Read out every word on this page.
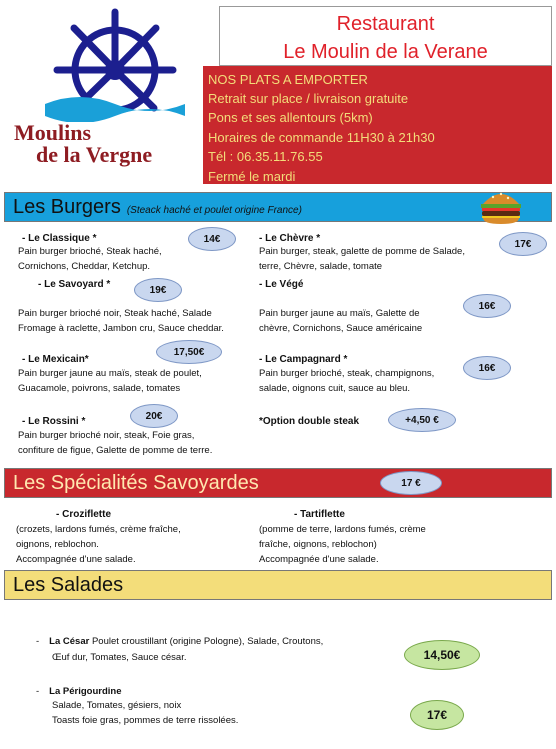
Moulins
de la Vergne
Restaurant
Le Moulin de la Verane
NOS PLATS A EMPORTER
Retrait sur place / livraison gratuite
Pons et ses allentours (5km)
Horaires de commande 11H30 à 21h30
Tél : 06.35.11.76.55
Fermé le mardi
Les Burgers (Steack haché et poulet origine France)
- Le Classique *
Pain burger brioché, Steak haché,
Cornichons, Cheddar, Ketchup.
14€
- Le Savoyard *
Pain burger brioché noir, Steak haché, Salade
Fromage à raclette, Jambon cru, Sauce cheddar.
19€
- Le Mexicain*
Pain burger jaune au maïs, steak de poulet,
Guacamole, poivrons, salade, tomates
17,50€
- Le Rossini *
Pain burger brioché noir, steak, Foie gras,
confiture de figue, Galette de pomme de terre.
20€
- Le Chèvre *
Pain burger, steak, galette de pomme de Salade,
terre, Chèvre, salade, tomate
17€
- Le Végé
Pain burger jaune au maïs, Galette de
chèvre, Cornichons, Sauce américaine
16€
- Le Campagnard *
Pain burger brioché, steak, champignons,
salade, oignons cuit, sauce au bleu.
16€
*Option double steak	+4,50 €
Les Spécialités Savoyardes	17 €
- Croziflette
(crozets, lardons fumés, crème fraîche,
oignons, reblochon.
Accompagnée d'une salade.
- Tartiflette
(pomme de terre, lardons fumés, crème
fraîche, oignons, reblochon)
Accompagnée d'une salade.
Les Salades
- La César Poulet croustillant (origine Pologne), Salade, Croutons,
Œuf dur, Tomates, Sauce césar.	14,50€
- La Périgourdine
Salade, Tomates, gésiers, noix
Toasts foie gras, pommes de terre rissolées.	17€
